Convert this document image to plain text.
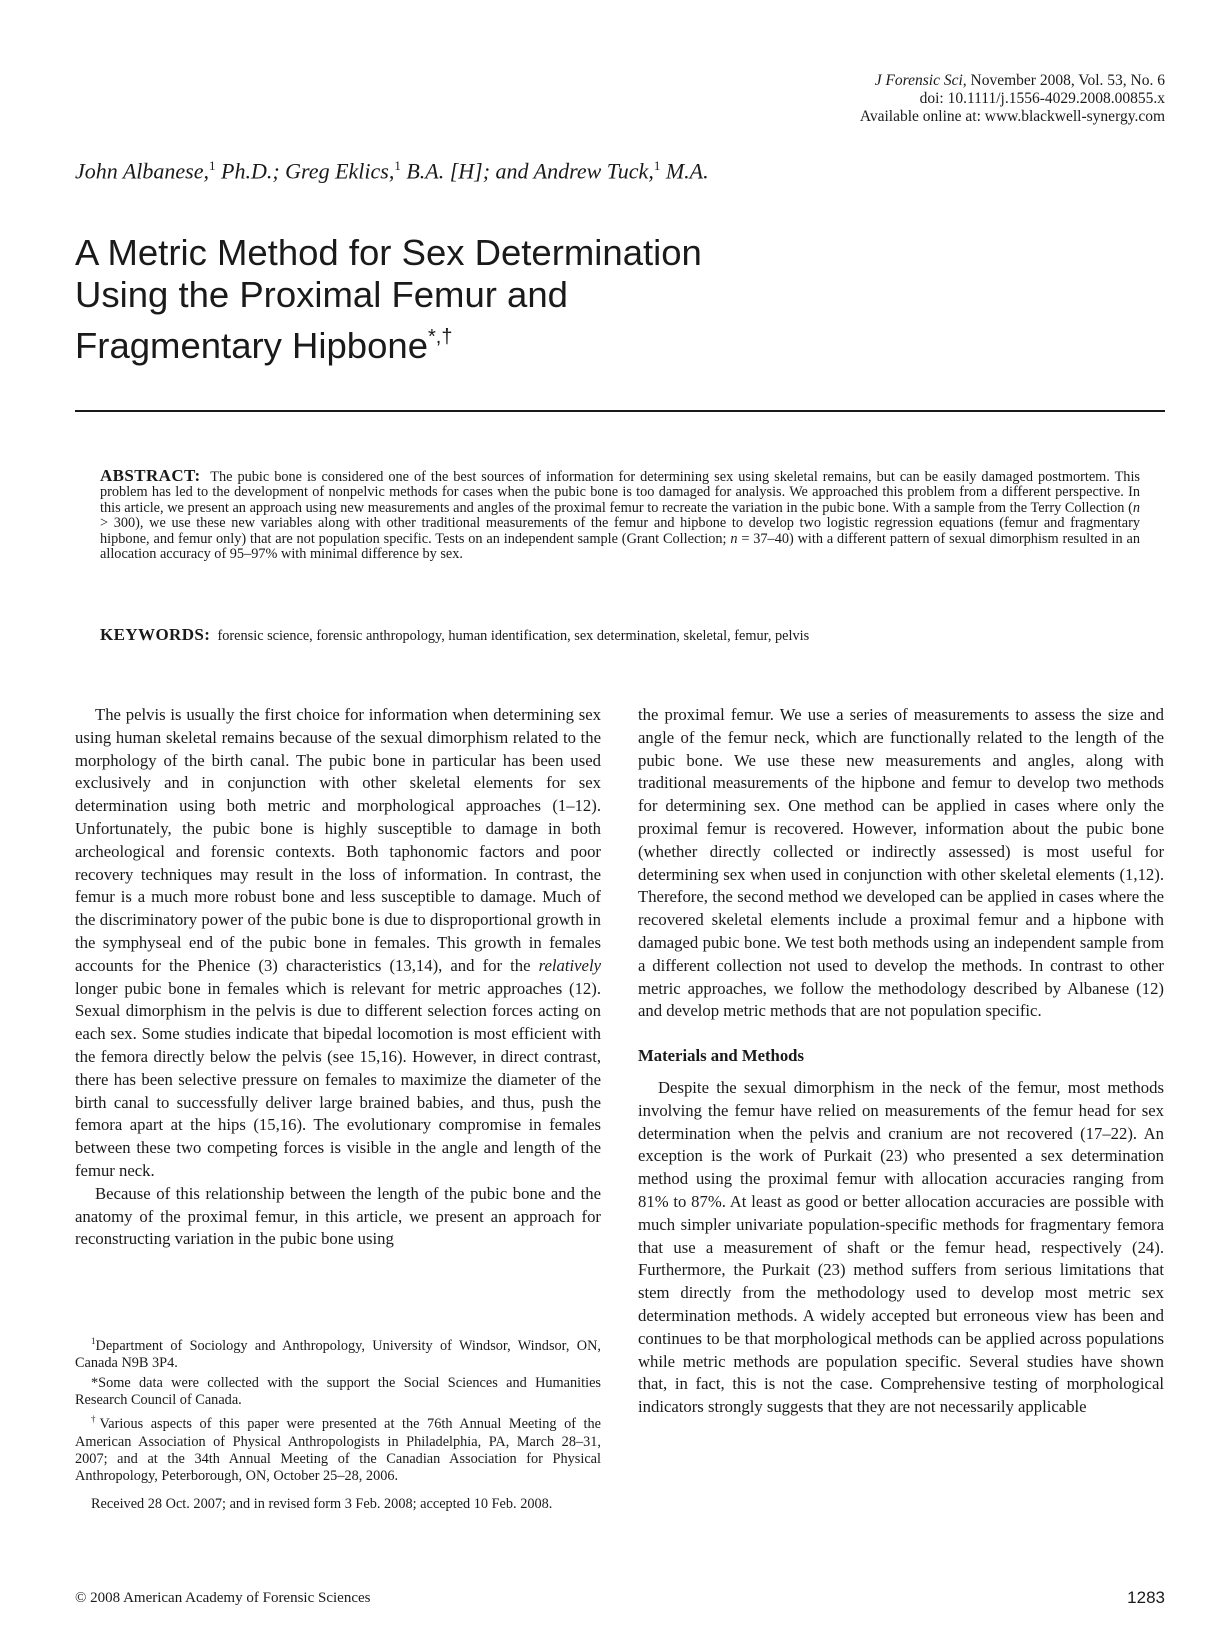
J Forensic Sci, November 2008, Vol. 53, No. 6
doi: 10.1111/j.1556-4029.2008.00855.x
Available online at: www.blackwell-synergy.com
John Albanese,$^1$ Ph.D.; Greg Eklics,$^1$ B.A. [H]; and Andrew Tuck,$^1$ M.A.
A Metric Method for Sex Determination
Using the Proximal Femur and
Fragmentary Hipbone*,†
ABSTRACT: The pubic bone is considered one of the best sources of information for determining sex using skeletal remains, but can be easily damaged postmortem. This problem has led to the development of nonpelvic methods for cases when the pubic bone is too damaged for analysis. We approached this problem from a different perspective. In this article, we present an approach using new measurements and angles of the proximal femur to recreate the variation in the pubic bone. With a sample from the Terry Collection (n > 300), we use these new variables along with other traditional measurements of the femur and hipbone to develop two logistic regression equations (femur and fragmentary hipbone, and femur only) that are not population specific. Tests on an independent sample (Grant Collection; n = 37–40) with a different pattern of sexual dimorphism resulted in an allocation accuracy of 95–97% with minimal difference by sex.
KEYWORDS: forensic science, forensic anthropology, human identification, sex determination, skeletal, femur, pelvis

The pelvis is usually the first choice for information when determining sex using human skeletal remains because of the sexual dimorphism related to the morphology of the birth canal. The pubic bone in particular has been used exclusively and in conjunction with other skeletal elements for sex determination using both metric and morphological approaches (1–12). Unfortunately, the pubic bone is highly susceptible to damage in both archeological and forensic contexts. Both taphonomic factors and poor recovery techniques may result in the loss of information. In contrast, the femur is a much more robust bone and less susceptible to damage. Much of the discriminatory power of the pubic bone is due to disproportional growth in the symphyseal end of the pubic bone in females. This growth in females accounts for the Phenice (3) characteristics (13,14), and for the relatively longer pubic bone in females which is relevant for metric approaches (12). Sexual dimorphism in the pelvis is due to different selection forces acting on each sex. Some studies indicate that bipedal locomotion is most efficient with the femora directly below the pelvis (see 15,16). However, in direct contrast, there has been selective pressure on females to maximize the diameter of the birth canal to successfully deliver large brained babies, and thus, push the femora apart at the hips (15,16). The evolutionary compromise in females between these two competing forces is visible in the angle and length of the femur neck.

Because of this relationship between the length of the pubic bone and the anatomy of the proximal femur, in this article, we present an approach for reconstructing variation in the pubic bone using

$^1$Department of Sociology and Anthropology, University of Windsor, Windsor, ON, Canada N9B 3P4.

*Some data were collected with the support the Social Sciences and Humanities Research Council of Canada.

†Various aspects of this paper were presented at the 76th Annual Meeting of the American Association of Physical Anthropologists in Philadelphia, PA, March 28–31, 2007; and at the 34th Annual Meeting of the Canadian Association for Physical Anthropology, Peterborough, ON, October 25–28, 2006.

Received 28 Oct. 2007; and in revised form 3 Feb. 2008; accepted 10 Feb. 2008.

the proximal femur. We use a series of measurements to assess the size and angle of the femur neck, which are functionally related to the length of the pubic bone. We use these new measurements and angles, along with traditional measurements of the hipbone and femur to develop two methods for determining sex. One method can be applied in cases where only the proximal femur is recovered. However, information about the pubic bone (whether directly collected or indirectly assessed) is most useful for determining sex when used in conjunction with other skeletal elements (1,12). Therefore, the second method we developed can be applied in cases where the recovered skeletal elements include a proximal femur and a hipbone with damaged pubic bone. We test both methods using an independent sample from a different collection not used to develop the methods. In contrast to other metric approaches, we follow the methodology described by Albanese (12) and develop metric methods that are not population specific.

Materials and Methods

Despite the sexual dimorphism in the neck of the femur, most methods involving the femur have relied on measurements of the femur head for sex determination when the pelvis and cranium are not recovered (17–22). An exception is the work of Purkait (23) who presented a sex determination method using the proximal femur with allocation accuracies ranging from 81% to 87%. At least as good or better allocation accuracies are possible with much simpler univariate population-specific methods for fragmentary femora that use a measurement of shaft or the femur head, respectively (24). Furthermore, the Purkait (23) method suffers from serious limitations that stem directly from the methodology used to develop most metric sex determination methods. A widely accepted but erroneous view has been and continues to be that morphological methods can be applied across populations while metric methods are population specific. Several studies have shown that, in fact, this is not the case. Comprehensive testing of morphological indicators strongly suggests that they are not necessarily applicable

© 2008 American Academy of Forensic Sciences	1283
